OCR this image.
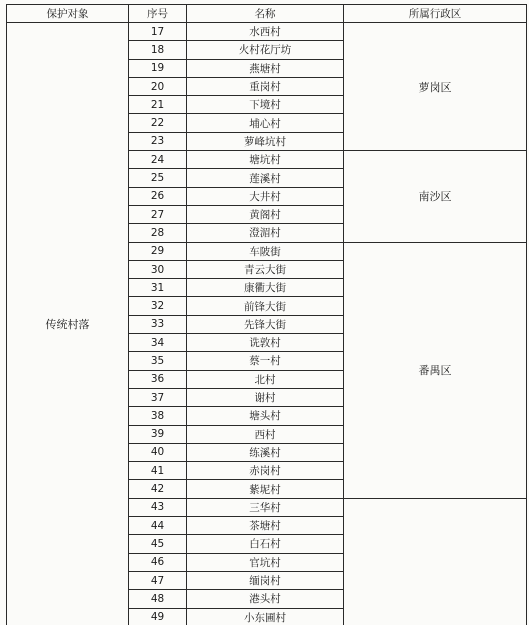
保护对象	序号	名称	所属行政区
传统村落	17	水西村	萝岗区
	18	火村花厅坊	
	19	燕塘村	
	20	重岗村	
	21	下境村	
	22	埔心村	
	23	萝峰坑村	
	24	塘坑村	南沙区
	25	莲溪村	
	26	大井村	
	27	黄阁村	
	28	澄湄村	
	29	车陂街	番禺区
	30	青云大街	
	31	康衢大街	
	32	前锋大街	
	33	先锋大街	
	34	诜敦村	
	35	蔡一村	
	36	北村	
	37	谢村	
	38	塘头村	
	39	西村	
	40	练溪村	
	41	赤岗村	
	42	紫坭村	
	43	三华村	
	44	茶塘村	
	45	白石村	
	46	官坑村	
	47	缅岗村	
	48	港头村	
	49	小东圃村	
